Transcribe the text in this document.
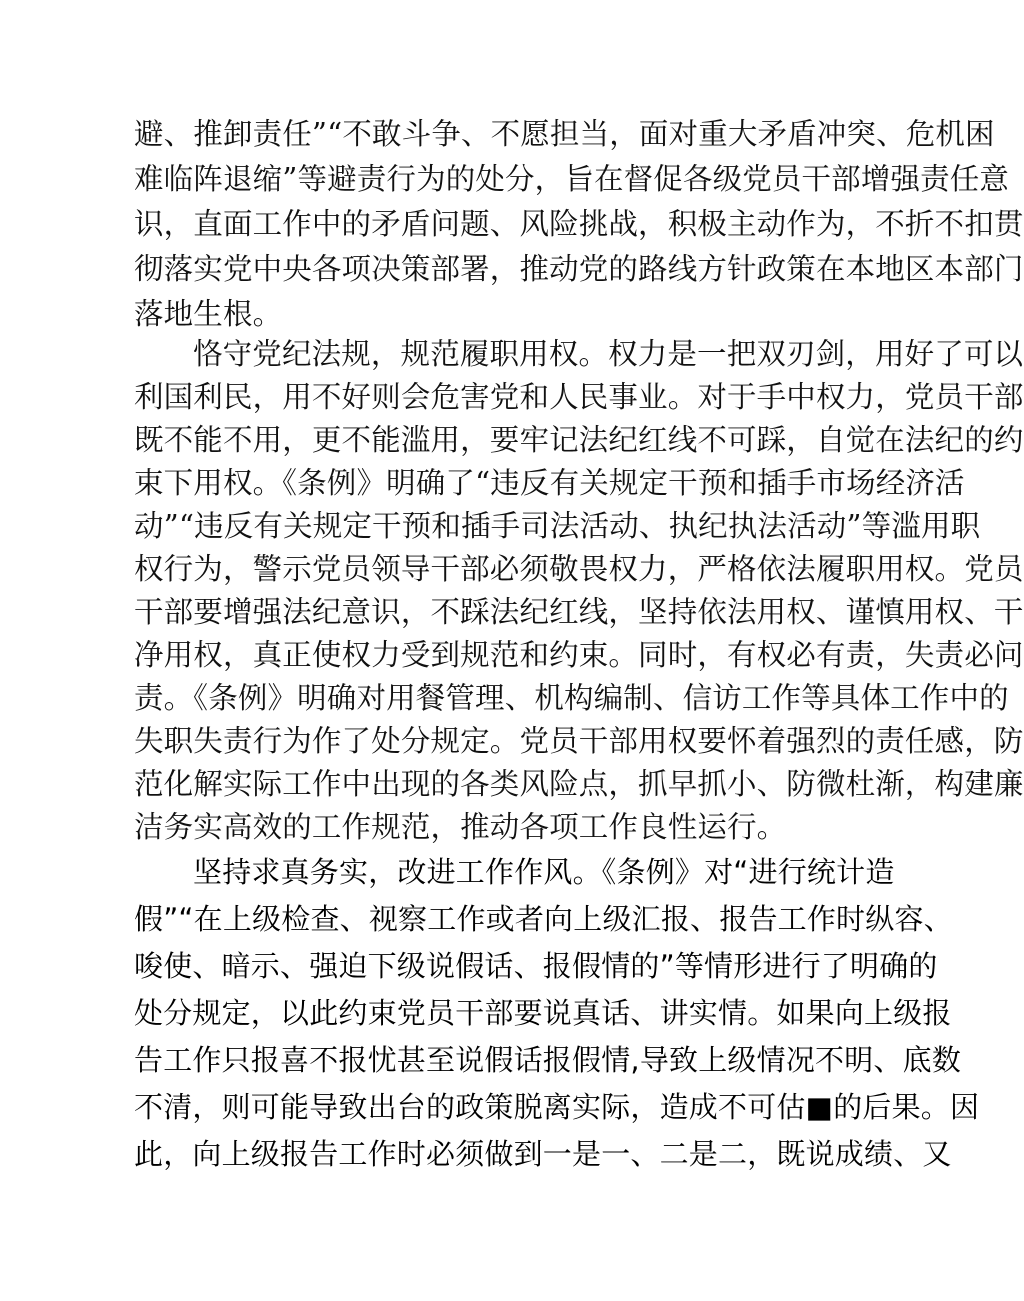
避、推卸责任”“不敢斗争、不愿担当，面对重大矛盾冲突、危机困
难临阵退缩”等避责行为的处分，旨在督促各级党员干部增强责任意
识，直面工作中的矛盾问题、风险挑战，积极主动作为，不折不扣贯
彻落实党中央各项决策部署，推动党的路线方针政策在本地区本部门
落地生根。
恪守党纪法规，规范履职用权。权力是一把双刃剑，用好了可以
利国利民，用不好则会危害党和人民事业。对于手中权力，党员干部
既不能不用，更不能滥用，要牢记法纪红线不可踩，自觉在法纪的约
束下用权。《条例》明确了“违反有关规定干预和插手市场经济活
动”“违反有关规定干预和插手司法活动、执纪执法活动”等滥用职
权行为，警示党员领导干部必须敬畏权力，严格依法履职用权。党员
干部要增强法纪意识，不踩法纪红线，坚持依法用权、谨慎用权、干
净用权，真正使权力受到规范和约束。同时，有权必有责，失责必问
责。《条例》明确对用餐管理、机构编制、信访工作等具体工作中的
失职失责行为作了处分规定。党员干部用权要怀着强烈的责任感，防
范化解实际工作中出现的各类风险点，抓早抓小、防微杜渐，构建廉
洁务实高效的工作规范，推动各项工作良性运行。
坚持求真务实，改进工作作风。《条例》对“进行统计造
假”“在上级检查、视察工作或者向上级汇报、报告工作时纵容、
唆使、暗示、强迫下级说假话、报假情的”等情形进行了明确的
处分规定，以此约束党员干部要说真话、讲实情。如果向上级报
告工作只报喜不报忧甚至说假话报假情,导致上级情况不明、底数
不清，则可能导致出台的政策脱离实际，造成不可估■的后果。因
此，向上级报告工作时必须做到一是一、二是二，既说成绩、又
